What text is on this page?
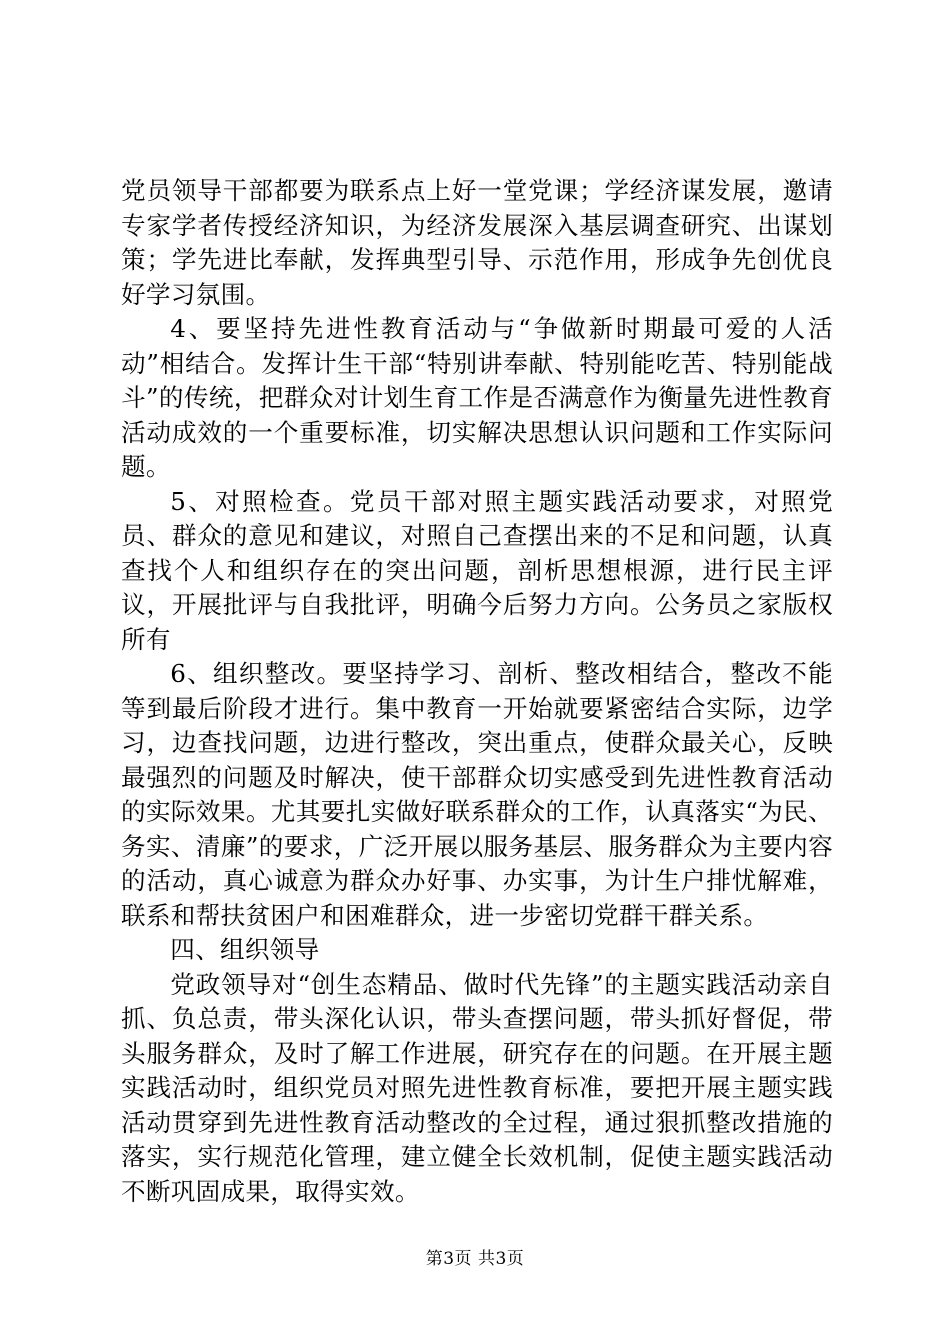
党员领导干部都要为联系点上好一堂党课；学经济谋发展，邀请专家学者传授经济知识，为经济发展深入基层调查研究、出谋划策；学先进比奉献，发挥典型引导、示范作用，形成争先创优良好学习氛围。

4、要坚持先进性教育活动与“争做新时期最可爱的人活动”相结合。发挥计生干部“特别讲奉献、特别能吃苦、特别能战斗”的传统，把群众对计划生育工作是否满意作为衡量先进性教育活动成效的一个重要标准，切实解决思想认识问题和工作实际问题。

5、对照检查。党员干部对照主题实践活动要求，对照党员、群众的意见和建议，对照自己查摆出来的不足和问题，认真查找个人和组织存在的突出问题，剖析思想根源，进行民主评议，开展批评与自我批评，明确今后努力方向。公务员之家版权所有

6、组织整改。要坚持学习、剖析、整改相结合，整改不能等到最后阶段才进行。集中教育一开始就要紧密结合实际，边学习，边查找问题，边进行整改，突出重点，使群众最关心，反映最强烈的问题及时解决，使干部群众切实感受到先进性教育活动的实际效果。尤其要扎实做好联系群众的工作，认真落实“为民、务实、清廉”的要求，广泛开展以服务基层、服务群众为主要内容的活动，真心诚意为群众办好事、办实事，为计生户排忧解难，联系和帮扶贫困户和困难群众，进一步密切党群干群关系。

四、组织领导

党政领导对“创生态精品、做时代先锋”的主题实践活动亲自抓、负总责，带头深化认识，带头查摆问题，带头抓好督促，带头服务群众，及时了解工作进展，研究存在的问题。在开展主题实践活动时，组织党员对照先进性教育标准，要把开展主题实践活动贯穿到先进性教育活动整改的全过程，通过狠抓整改措施的落实，实行规范化管理，建立健全长效机制，促使主题实践活动不断巩固成果，取得实效。

第3页 共3页
